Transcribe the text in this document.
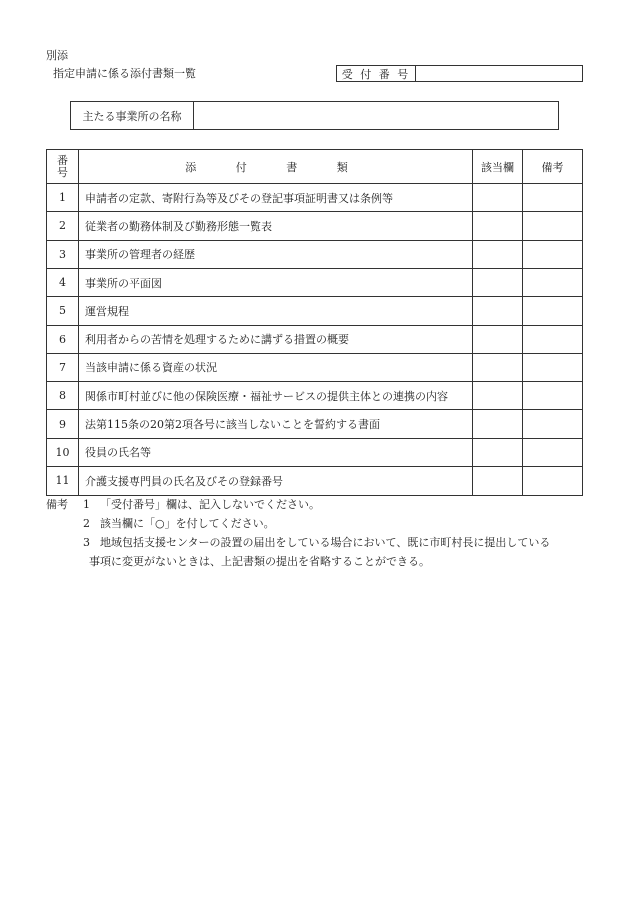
別添
指定申請に係る添付書類一覧	受 付 番 号
主たる事業所の名称
番
号	添 付 書 類	該当欄	備考
1	申請者の定款、寄附行為等及びその登記事項証明書又は条例等
2	従業者の勤務体制及び勤務形態一覧表
3	事業所の管理者の経歴
4	事業所の平面図
5	運営規程
6	利用者からの苦情を処理するために講ずる措置の概要
7	当該申請に係る資産の状況
8	関係市町村並びに他の保険医療・福祉サービスの提供主体との連携の内容
9	法第115条の20第2項各号に該当しないことを誓約する書面
10	役員の氏名等
11	介護支援専門員の氏名及びその登録番号
備考 1 「受付番号」欄は、記入しないでください。
2 該当欄に「○」を付してください。
3 地域包括支援センターの設置の届出をしている場合において、既に市町村長に提出している
事項に変更がないときは、上記書類の提出を省略することができる。
